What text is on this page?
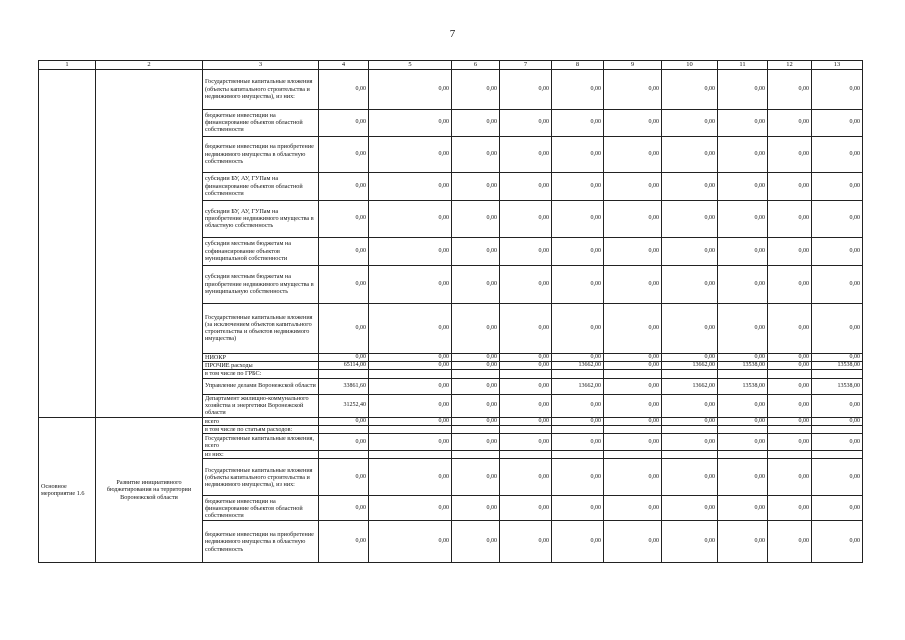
7
1	2	3	4	5	6	7	8	9	10	11	12	13
		Государственные капитальные вложения (объекты капитального строительства и недвижимого имущества), из них:	0,00	0,00	0,00	0,00	0,00	0,00	0,00	0,00	0,00	0,00
		бюджетные инвестиции на финансирование объектов областной собственности	0,00	0,00	0,00	0,00	0,00	0,00	0,00	0,00	0,00	0,00
		бюджетные инвестиции на приобретение недвижимого имущества в областную собственность	0,00	0,00	0,00	0,00	0,00	0,00	0,00	0,00	0,00	0,00
		субсидии БУ, АУ, ГУПам на финансирование объектов областной собственности	0,00	0,00	0,00	0,00	0,00	0,00	0,00	0,00	0,00	0,00
		субсидии БУ, АУ, ГУПам на приобретение недвижимого имущества в областную собственность	0,00	0,00	0,00	0,00	0,00	0,00	0,00	0,00	0,00	0,00
		субсидии местным бюджетам на софинансирование объектов муниципальной собственности	0,00	0,00	0,00	0,00	0,00	0,00	0,00	0,00	0,00	0,00
		субсидии местным бюджетам на приобретение недвижимого имущества в муниципальную собственность	0,00	0,00	0,00	0,00	0,00	0,00	0,00	0,00	0,00	0,00
		Государственные капитальные вложения (за исключением объектов капитального строительства и объектов недвижимого имущества)	0,00	0,00	0,00	0,00	0,00	0,00	0,00	0,00	0,00	0,00
		НИОКР	0,00	0,00	0,00	0,00	0,00	0,00	0,00	0,00	0,00	0,00
		ПРОЧИЕ расходы	65114,00	0,00	0,00	0,00	13662,00	0,00	13662,00	13538,00	0,00	13538,00
		в том числе по ГРБС:										
		Управление делами Воронежской области	33861,60	0,00	0,00	0,00	13662,00	0,00	13662,00	13538,00	0,00	13538,00
		Департамент жилищно-коммунального хозяйства и энергетики Воронежской области	31252,40	0,00	0,00	0,00	0,00	0,00	0,00	0,00	0,00	0,00
Основное мероприятие 1.6	Развитие инициативного бюджетирования на территории Воронежской области	всего	0,00	0,00	0,00	0,00	0,00	0,00	0,00	0,00	0,00	0,00
		в том числе по статьям расходов:										
		Государственные капитальные вложения, всего	0,00	0,00	0,00	0,00	0,00	0,00	0,00	0,00	0,00	0,00
		из них:										
		Государственные капитальные вложения (объекты капитального строительства и недвижимого имущества), из них:	0,00	0,00	0,00	0,00	0,00	0,00	0,00	0,00	0,00	0,00
		бюджетные инвестиции на финансирование объектов областной собственности	0,00	0,00	0,00	0,00	0,00	0,00	0,00	0,00	0,00	0,00
		бюджетные инвестиции на приобретение недвижимого имущества в областную собственность	0,00	0,00	0,00	0,00	0,00	0,00	0,00	0,00	0,00	0,00
